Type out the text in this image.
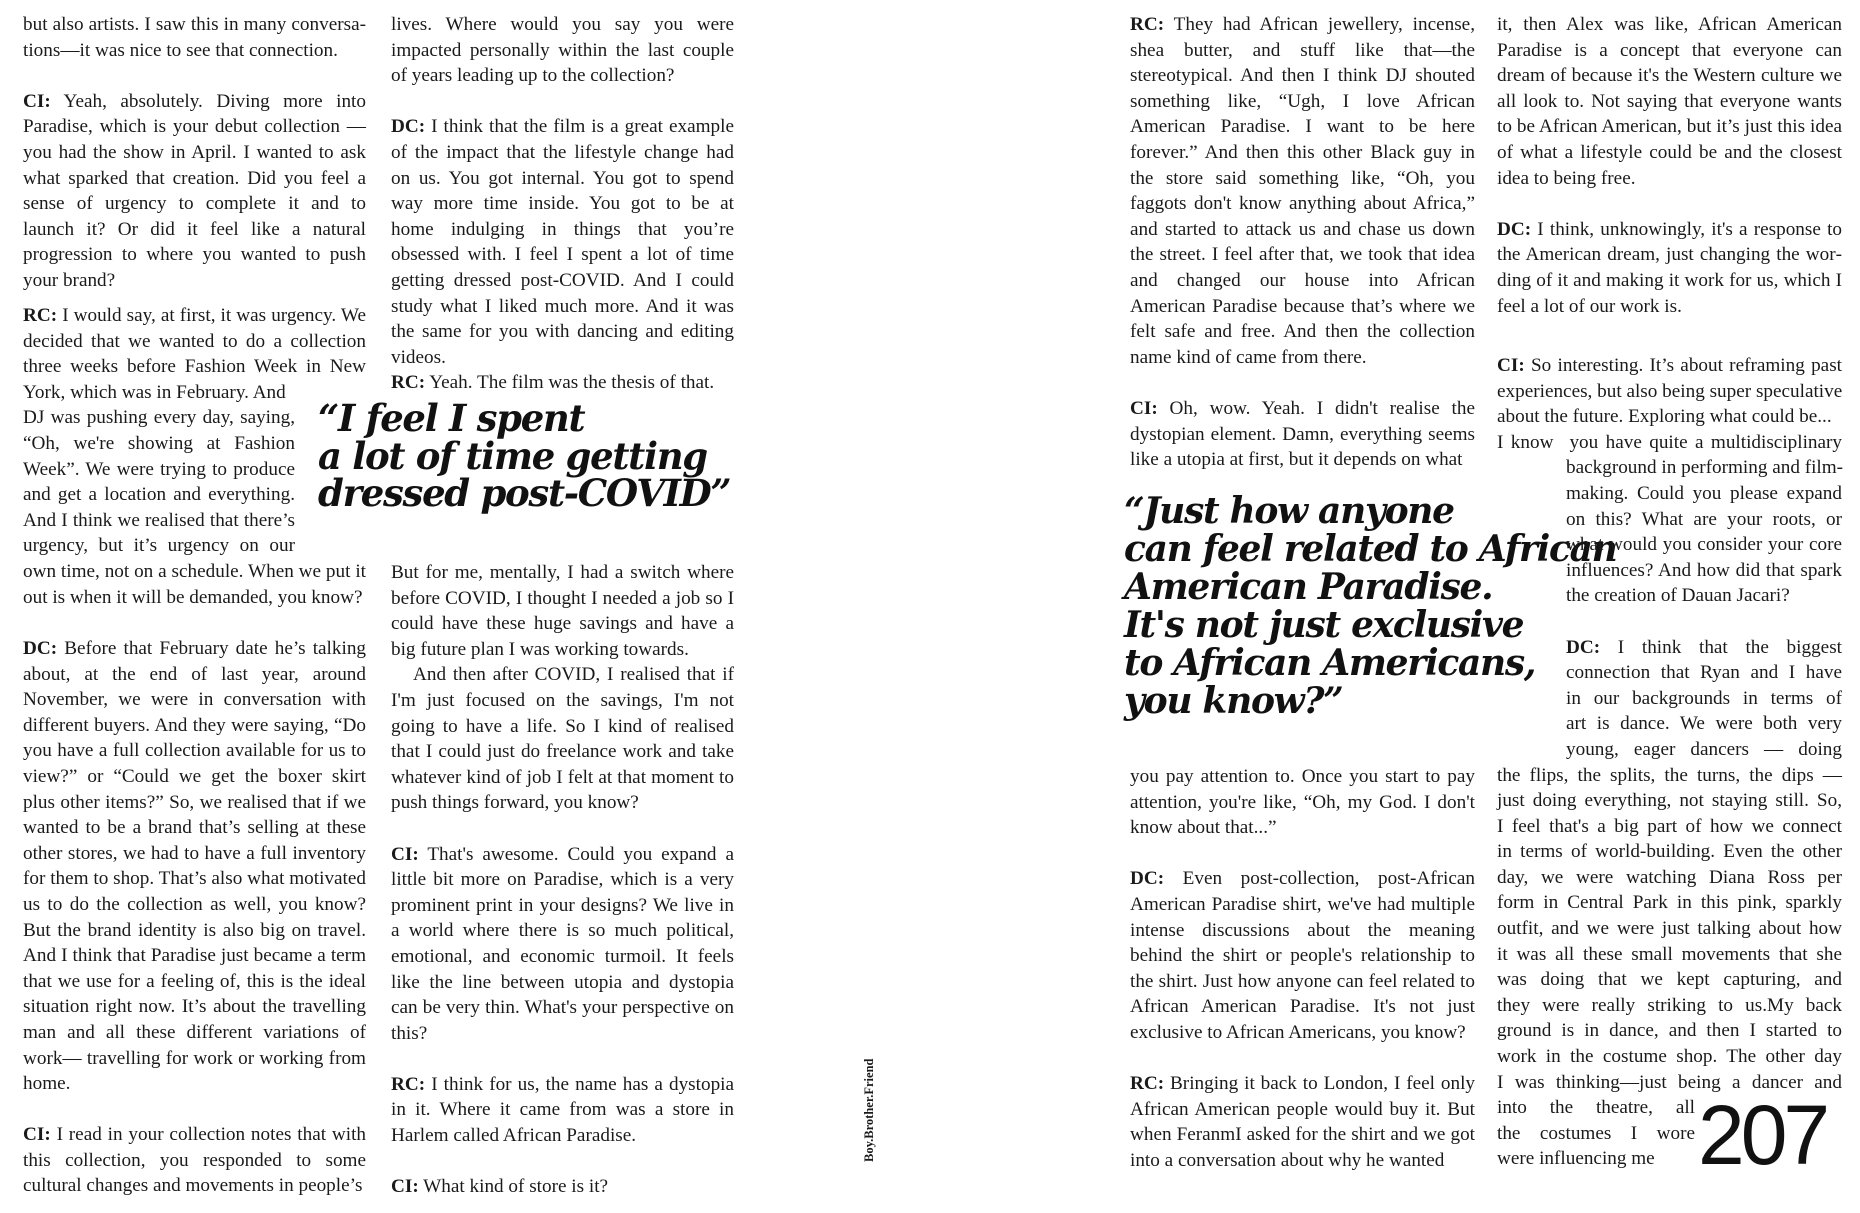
but also artists. I saw this in many conversations—it was nice to see that connection.

CI: Yeah, absolutely. Diving more into Paradise, which is your debut collection — you had the show in April. I wanted to ask what sparked that creation. Did you feel a sense of urgency to complete it and to launch it? Or did it feel like a natural progression to where you wanted to push your brand?

RC: I would say, at first, it was urgency. We
decided that we wanted to do a collection
three weeks before Fashion Week in New
York, which was in February. And
DJ was pushing every day, saying,
“Oh, we're showing at Fashion
Week”. We were trying to produce
and get a location and everything.
And I think we realised that there’s
urgency, but it’s urgency on our
own time, not on a schedule. When we put it
out is when it will be demanded, you know?

DC: Before that February date he’s talking about, at the end of last year, around November, we were in conversation with different buyers. And they were saying, “Do you have a full collection available for us to view?” or “Could we get the boxer skirt plus other items?” So, we realised that if we wanted to be a brand that’s selling at these other stores, we had to have a full inventory for them to shop. That’s also what motivated us to do the collection as well, you know? But the brand identity is also big on travel. And I think that Paradise just became a term that we use for a feeling of, this is the ideal situation right now. It’s about the travelling man and all these different variations of work— travelling for work or working from home.

CI: I read in your collection notes that with this collection, you responded to some cultural changes and movements in people’s

lives. Where would you say you were impacted personally within the last couple of years leading up to the collection?

DC: I think that the film is a great example of the impact that the lifestyle change had on us. You got internal. You got to spend way more time inside. You got to be at home indulging in things that you’re obsessed with. I feel I spent a lot of time getting dressed post-COVID. And I could study what I liked much more. And it was the same for you with dancing and editing videos.

RC: Yeah. The film was the thesis of that.

“I feel I spent
a lot of time getting
dressed post-COVID”

But for me, mentally, I had a switch where before COVID, I thought I needed a job so I could have these huge savings and have a big future plan I was working towards.

And then after COVID, I realised that if I'm just focused on the savings, I'm not going to have a life. So I kind of realised that I could just do freelance work and take whatever kind of job I felt at that moment to push things forward, you know?

CI: That's awesome. Could you expand a little bit more on Paradise, which is a very prominent print in your designs? We live in a world where there is so much political, emotional, and economic turmoil. It feels like the line between utopia and dystopia can be very thin. What's your perspective on this?

RC: I think for us, the name has a dystopia in it. Where it came from was a store in Harlem called African Paradise.

CI: What kind of store is it?

Boy.Brother.Friend

RC: They had African jewellery, incense, shea butter, and stuff like that—the stereotypical. And then I think DJ shouted something like, “Ugh, I love African American Paradise. I want to be here forever.” And then this other Black guy in the store said something like, “Oh, you faggots don't know anything about Africa,” and started to attack us and chase us down the street. I feel after that, we took that idea and changed our house into African American Paradise because that’s where we felt safe and free. And then the collection name kind of came from there.

CI: Oh, wow. Yeah. I didn't realise the dystopian element. Damn, everything seems like a utopia at first, but it depends on what

“Just how anyone
can feel related to African
American Paradise.
It's not just exclusive
to African Americans,
you know?”

you pay attention to. Once you start to pay attention, you're like, “Oh, my God. I don't know about that...”

DC: Even post-collection, post-African American Paradise shirt, we've had multiple intense discussions about the meaning behind the shirt or people's relationship to the shirt. Just how anyone can feel related to African American Paradise. It's not just exclusive to African Americans, you know?

RC: Bringing it back to London, I feel only African American people would buy it. But when FeranmI asked for the shirt and we got into a conversation about why he wanted

it, then Alex was like, African American Paradise is a concept that everyone can dream of because it's the Western culture we all look to. Not saying that everyone wants to be African American, but it’s just this idea of what a lifestyle could be and the closest idea to being free.

DC: I think, unknowingly, it's a response to the American dream, just changing the wording of it and making it work for us, which I feel a lot of our work is.

CI: So interesting. It’s about reframing past
experiences, but also being super speculative
about the future. Exploring what could be...
I know you have quite a multidisciplinary
background in performing and film-
making. Could you please expand
on this? What are your roots, or
what would you consider your core
influences? And how did that spark
the creation of Dauan Jacari?
DC: I think that the biggest
connection that Ryan and I have
in our backgrounds in terms of
art is dance. We were both very
young, eager dancers — doing
the flips, the splits, the turns, the dips —
just doing everything, not staying still. So,
I feel that's a big part of how we connect
in terms of world-building. Even the other
day, we were watching Diana Ross per
form in Central Park in this pink, sparkly
outfit, and we were just talking about how
it was all these small movements that she
was doing that we kept capturing, and
they were really striking to us.My back
ground is in dance, and then I started to
work in the costume shop. The other day
I was thinking—just being a dancer and
into the theatre, all
the costumes I wore
were influencing me 207
